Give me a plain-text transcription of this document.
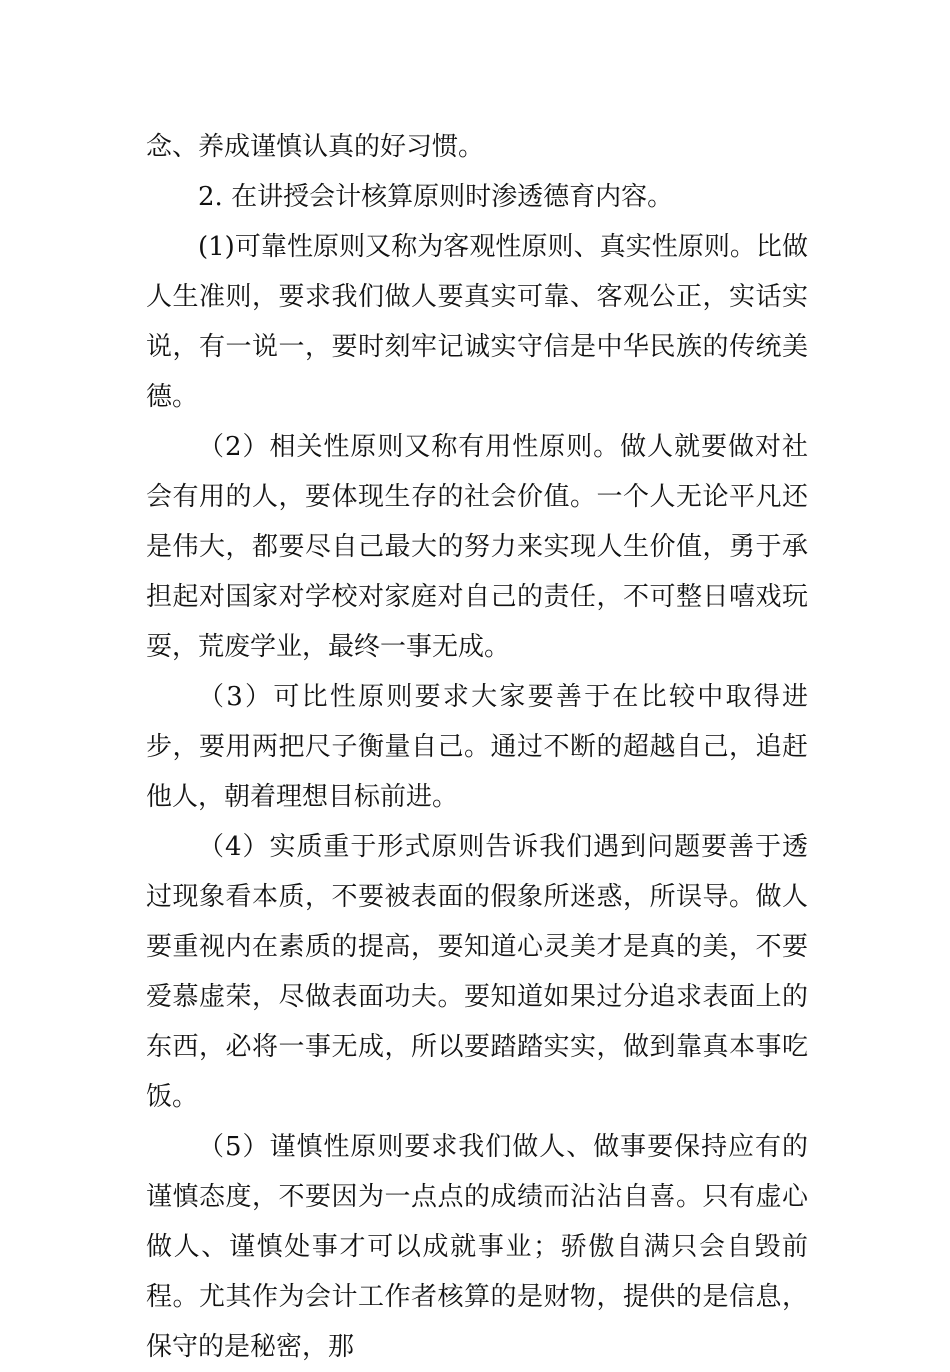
念、养成谨慎认真的好习惯。

2. 在讲授会计核算原则时渗透德育内容。

(1)可靠性原则又称为客观性原则、真实性原则。比做人生准则，要求我们做人要真实可靠、客观公正，实话实说，有一说一，要时刻牢记诚实守信是中华民族的传统美德。

（2）相关性原则又称有用性原则。做人就要做对社会有用的人，要体现生存的社会价值。一个人无论平凡还是伟大，都要尽自己最大的努力来实现人生价值，勇于承担起对国家对学校对家庭对自己的责任，不可整日嘻戏玩耍，荒废学业，最终一事无成。

（3）可比性原则要求大家要善于在比较中取得进步，要用两把尺子衡量自己。通过不断的超越自己，追赶他人，朝着理想目标前进。

（4）实质重于形式原则告诉我们遇到问题要善于透过现象看本质，不要被表面的假象所迷惑，所误导。做人要重视内在素质的提高，要知道心灵美才是真的美，不要爱慕虚荣，尽做表面功夫。要知道如果过分追求表面上的东西，必将一事无成，所以要踏踏实实，做到靠真本事吃饭。

（5）谨慎性原则要求我们做人、做事要保持应有的谨慎态度，不要因为一点点的成绩而沾沾自喜。只有虚心做人、谨慎处事才可以成就事业；骄傲自满只会自毁前程。尤其作为会计工作者核算的是财物，提供的是信息，保守的是秘密，那
